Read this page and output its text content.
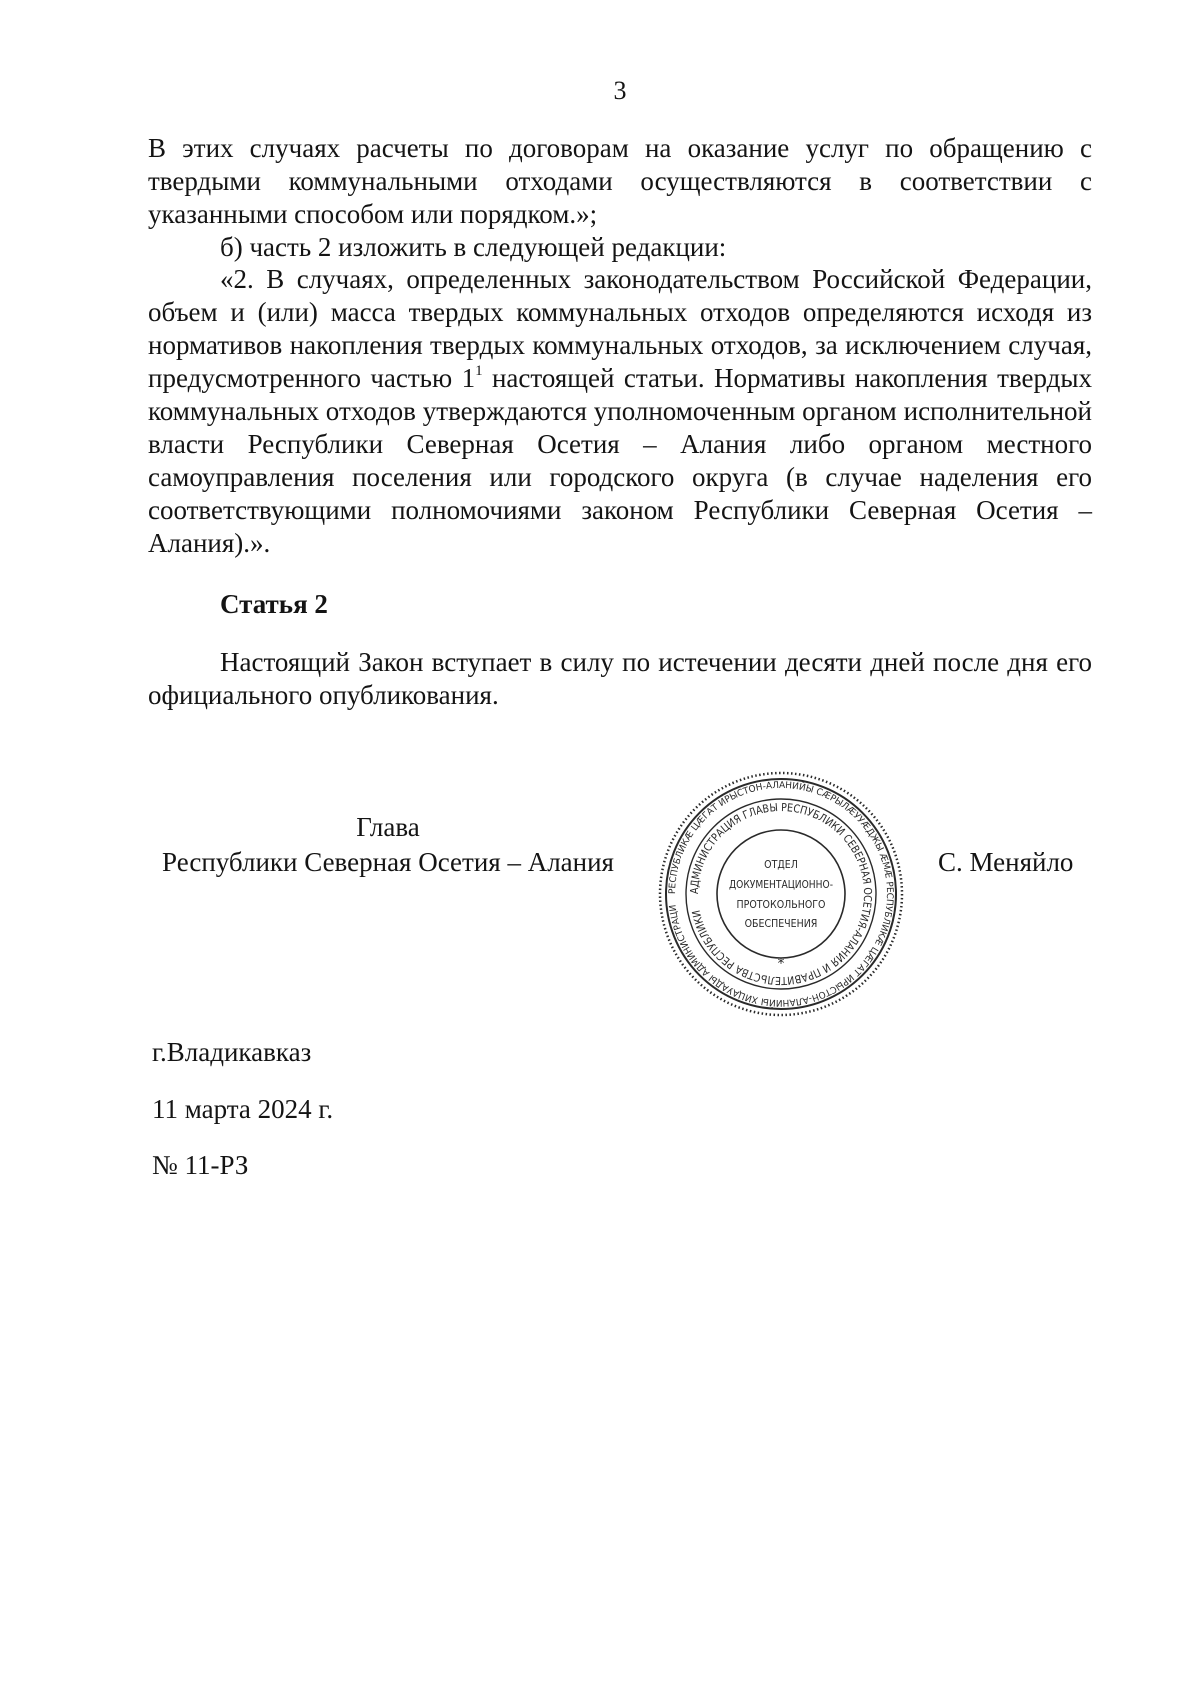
3

В этих случаях расчеты по договорам на оказание услуг по обращению с твердыми коммунальными отходами осуществляются в соответствии с указанными способом или порядком.»;

б) часть 2 изложить в следующей редакции:

«2. В случаях, определенных законодательством Российской Федерации, объем и (или) масса твердых коммунальных отходов определяются исходя из нормативов накопления твердых коммунальных отходов, за исключением случая, предусмотренного частью $1^1$ настоящей статьи. Нормативы накопления твердых коммунальных отходов утверждаются уполномоченным органом исполнительной власти Республики Северная Осетия – Алания либо органом местного самоуправления поселения или городского округа (в случае наделения его соответствующими полномочиями законом Республики Северная Осетия – Алания).».

Статья 2

Настоящий Закон вступает в силу по истечении десяти дней после дня его официального опубликования.

Глава
Республики Северная Осетия – Алания
РЕСПУБЛИКӔ ЦӔГАТ ИРЫСТОН-АЛАНИЙЫ СӔРЫЛӔУУӔДЖЫ ӔМӔ РЕСПУБЛИКӔ ЦӔГАТ ИРЫСТОН-АЛАНИЙЫ ХИЦАУАДЫ АДМИНИСТРАЦИ
АДМИНИСТРАЦИЯ ГЛАВЫ РЕСПУБЛИКИ СЕВЕРНАЯ ОСЕТИЯ-АЛАНИЯ И ПРАВИТЕЛЬСТВА РЕСПУБЛИКИ
*
ОТДЕЛ
ДОКУМЕНТАЦИОННО-
ПРОТОКОЛЬНОГО
ОБЕСПЕЧЕНИЯ
С. Меняйло
г.Владикавказ
11 марта 2024 г.
№ 11-РЗ
